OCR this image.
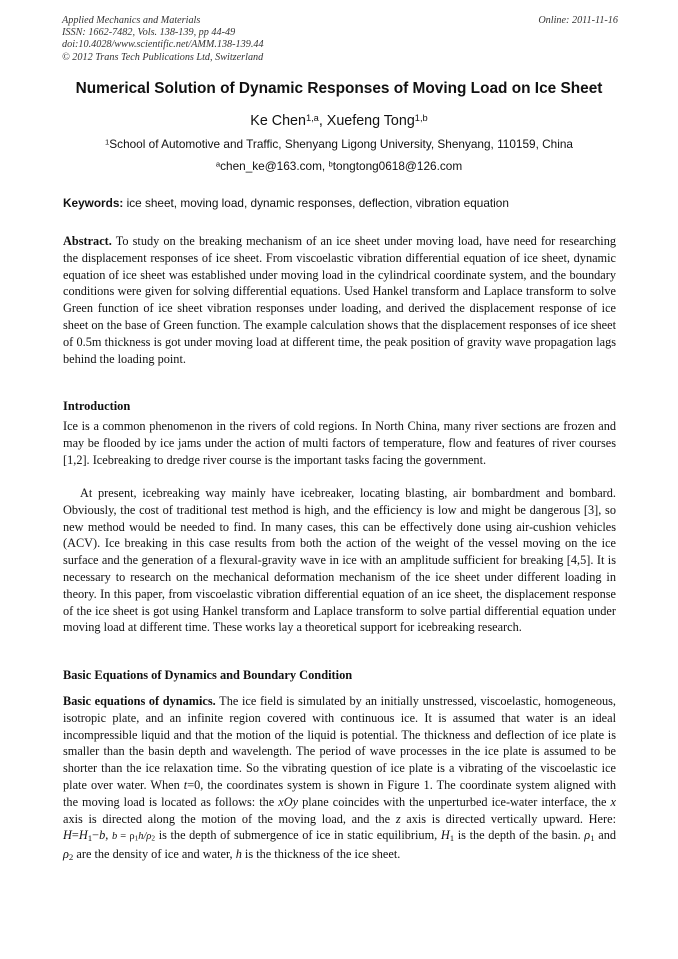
Applied Mechanics and Materials
ISSN: 1662-7482, Vols. 138-139, pp 44-49
doi:10.4028/www.scientific.net/AMM.138-139.44
© 2012 Trans Tech Publications Ltd, Switzerland
Online: 2011-11-16
Numerical Solution of Dynamic Responses of Moving Load on Ice Sheet
Ke Chen$^{1,a}$, Xuefeng Tong$^{1,b}$
$^1$School of Automotive and Traffic, Shenyang Ligong University, Shenyang, 110159, China
$^a$chen_ke@163.com, $^b$tongtong0618@126.com
Keywords: ice sheet, moving load, dynamic responses, deflection, vibration equation
Abstract. To study on the breaking mechanism of an ice sheet under moving load, have need for researching the displacement responses of ice sheet. From viscoelastic vibration differential equation of ice sheet, dynamic equation of ice sheet was established under moving load in the cylindrical coordinate system, and the boundary conditions were given for solving differential equations. Used Hankel transform and Laplace transform to solve Green function of ice sheet vibration responses under loading, and derived the displacement response of ice sheet on the base of Green function. The example calculation shows that the displacement responses of ice sheet of 0.5m thickness is got under moving load at different time, the peak position of gravity wave propagation lags behind the loading point.
Introduction
Ice is a common phenomenon in the rivers of cold regions. In North China, many river sections are frozen and may be flooded by ice jams under the action of multi factors of temperature, flow and features of river courses [1,2]. Icebreaking to dredge river course is the important tasks facing the government.
At present, icebreaking way mainly have icebreaker, locating blasting, air bombardment and bombard. Obviously, the cost of traditional test method is high, and the efficiency is low and might be dangerous [3], so new method would be needed to find. In many cases, this can be effectively done using air-cushion vehicles (ACV). Ice breaking in this case results from both the action of the weight of the vessel moving on the ice surface and the generation of a flexural-gravity wave in ice with an amplitude sufficient for breaking [4,5]. It is necessary to research on the mechanical deformation mechanism of the ice sheet under different loading in theory. In this paper, from viscoelastic vibration differential equation of an ice sheet, the displacement response of the ice sheet is got using Hankel transform and Laplace transform to solve partial differential equation under moving load at different time. These works lay a theoretical support for icebreaking research.
Basic Equations of Dynamics and Boundary Condition
Basic equations of dynamics. The ice field is simulated by an initially unstressed, viscoelastic, homogeneous, isotropic plate, and an infinite region covered with continuous ice. It is assumed that water is an ideal incompressible liquid and that the motion of the liquid is potential. The thickness and deflection of ice plate is smaller than the basin depth and wavelength. The period of wave processes in the ice plate is assumed to be shorter than the ice relaxation time. So the vibrating question of ice plate is a vibrating of the viscoelastic ice plate over water. When t=0, the coordinates system is shown in Figure 1. The coordinate system aligned with the moving load is located as follows: the xOy plane coincides with the unperturbed ice-water interface, the x axis is directed along the motion of the moving load, and the z axis is directed vertically upward. Here: $H=H_1-b$, $b = \rho_1h/\rho_2$ is the depth of submergence of ice in static equilibrium, $H_1$ is the depth of the basin. $\rho_1$ and $\rho_2$ are the density of ice and water, h is the thickness of the ice sheet.
